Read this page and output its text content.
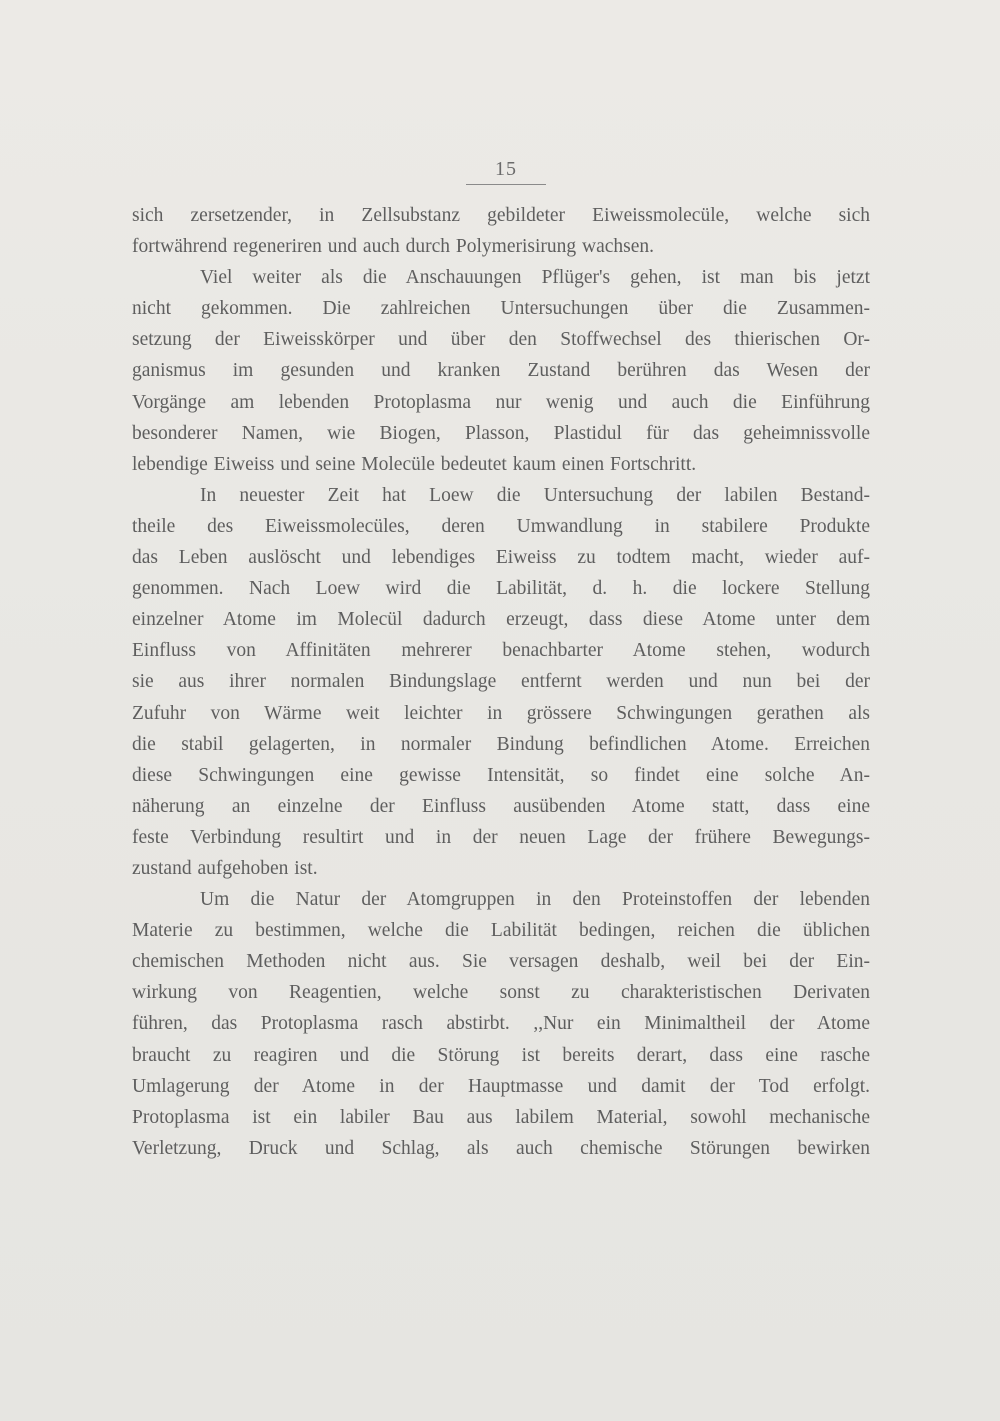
15
sich zersetzender, in Zellsubstanz gebildeter Eiweissmolecüle, welche sich
fortwährend regeneriren und auch durch Polymerisirung wachsen.
Viel weiter als die Anschauungen Pflüger's gehen, ist man bis jetzt
nicht gekommen. Die zahlreichen Untersuchungen über die Zusammen-
setzung der Eiweisskörper und über den Stoffwechsel des thierischen Or-
ganismus im gesunden und kranken Zustand berühren das Wesen der
Vorgänge am lebenden Protoplasma nur wenig und auch die Einführung
besonderer Namen, wie Biogen, Plasson, Plastidul für das geheimnissvolle
lebendige Eiweiss und seine Molecüle bedeutet kaum einen Fortschritt.
In neuester Zeit hat Loew die Untersuchung der labilen Bestand-
theile des Eiweissmolecüles, deren Umwandlung in stabilere Produkte
das Leben auslöscht und lebendiges Eiweiss zu todtem macht, wieder auf-
genommen. Nach Loew wird die Labilität, d. h. die lockere Stellung
einzelner Atome im Molecül dadurch erzeugt, dass diese Atome unter dem
Einfluss von Affinitäten mehrerer benachbarter Atome stehen, wodurch
sie aus ihrer normalen Bindungslage entfernt werden und nun bei der
Zufuhr von Wärme weit leichter in grössere Schwingungen gerathen als
die stabil gelagerten, in normaler Bindung befindlichen Atome. Erreichen
diese Schwingungen eine gewisse Intensität, so findet eine solche An-
näherung an einzelne der Einfluss ausübenden Atome statt, dass eine
feste Verbindung resultirt und in der neuen Lage der frühere Bewegungs-
zustand aufgehoben ist.
Um die Natur der Atomgruppen in den Proteinstoffen der lebenden
Materie zu bestimmen, welche die Labilität bedingen, reichen die üblichen
chemischen Methoden nicht aus. Sie versagen deshalb, weil bei der Ein-
wirkung von Reagentien, welche sonst zu charakteristischen Derivaten
führen, das Protoplasma rasch abstirbt. ,,Nur ein Minimaltheil der Atome
braucht zu reagiren und die Störung ist bereits derart, dass eine rasche
Umlagerung der Atome in der Hauptmasse und damit der Tod erfolgt.
Protoplasma ist ein labiler Bau aus labilem Material, sowohl mechanische
Verletzung, Druck und Schlag, als auch chemische Störungen bewirken
